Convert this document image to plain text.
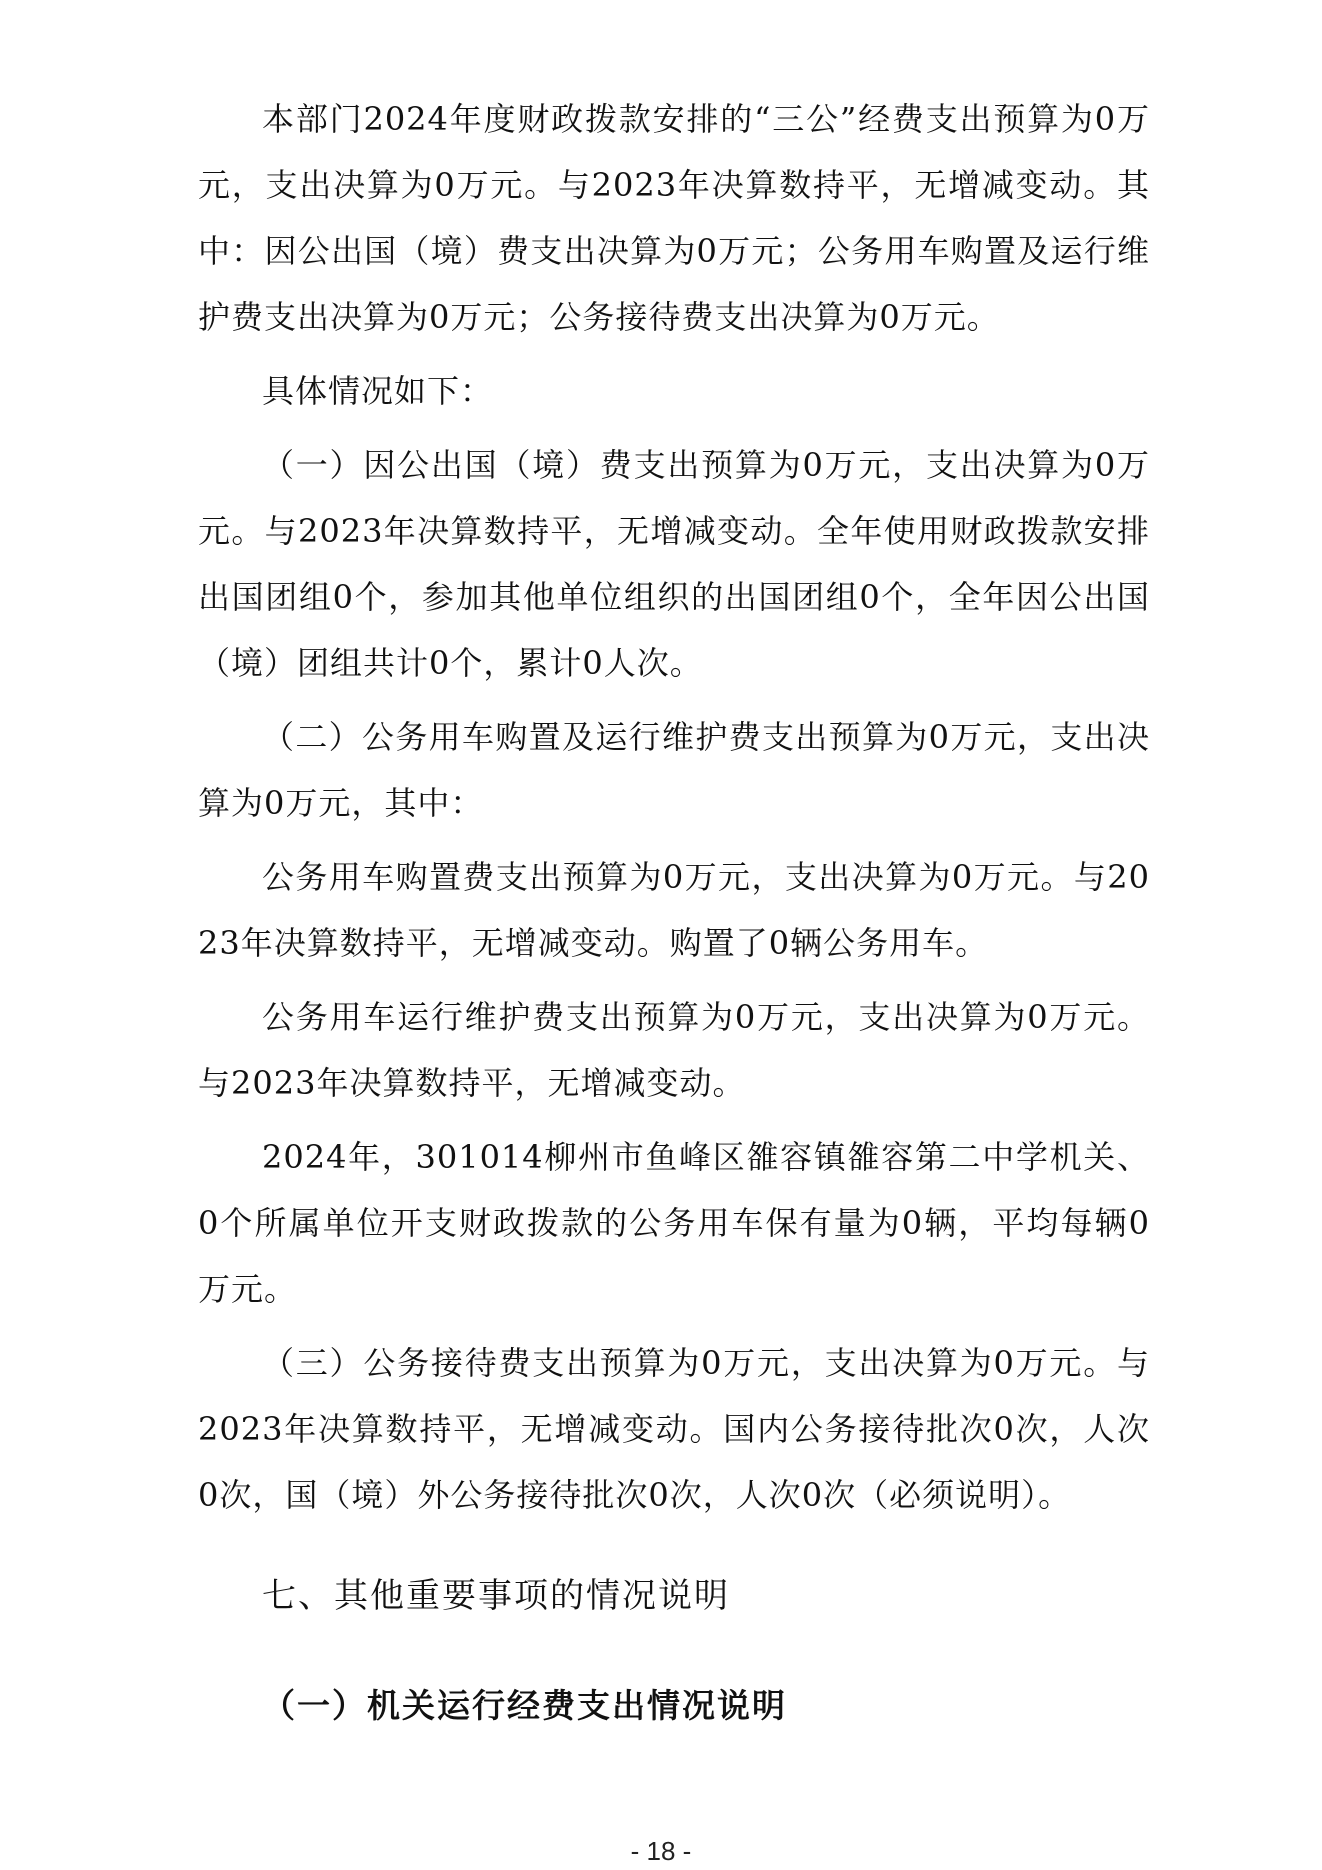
本部门2024年度财政拨款安排的“三公”经费支出预算为0万元，支出决算为0万元。与2023年决算数持平，无增减变动。其中：因公出国（境）费支出决算为0万元；公务用车购置及运行维护费支出决算为0万元；公务接待费支出决算为0万元。

具体情况如下：

（一）因公出国（境）费支出预算为0万元，支出决算为0万元。与2023年决算数持平，无增减变动。全年使用财政拨款安排出国团组0个，参加其他单位组织的出国团组0个，全年因公出国（境）团组共计0个，累计0人次。

（二）公务用车购置及运行维护费支出预算为0万元，支出决算为0万元，其中：

公务用车购置费支出预算为0万元，支出决算为0万元。与2023年决算数持平，无增减变动。购置了0辆公务用车。

公务用车运行维护费支出预算为0万元，支出决算为0万元。与2023年决算数持平，无增减变动。

2024年，301014柳州市鱼峰区雒容镇雒容第二中学机关、0个所属单位开支财政拨款的公务用车保有量为0辆，平均每辆0万元。

（三）公务接待费支出预算为0万元，支出决算为0万元。与2023年决算数持平，无增减变动。国内公务接待批次0次，人次0次，国（境）外公务接待批次0次，人次0次（必须说明）。

七、其他重要事项的情况说明
（一）机关运行经费支出情况说明
- 18 -
